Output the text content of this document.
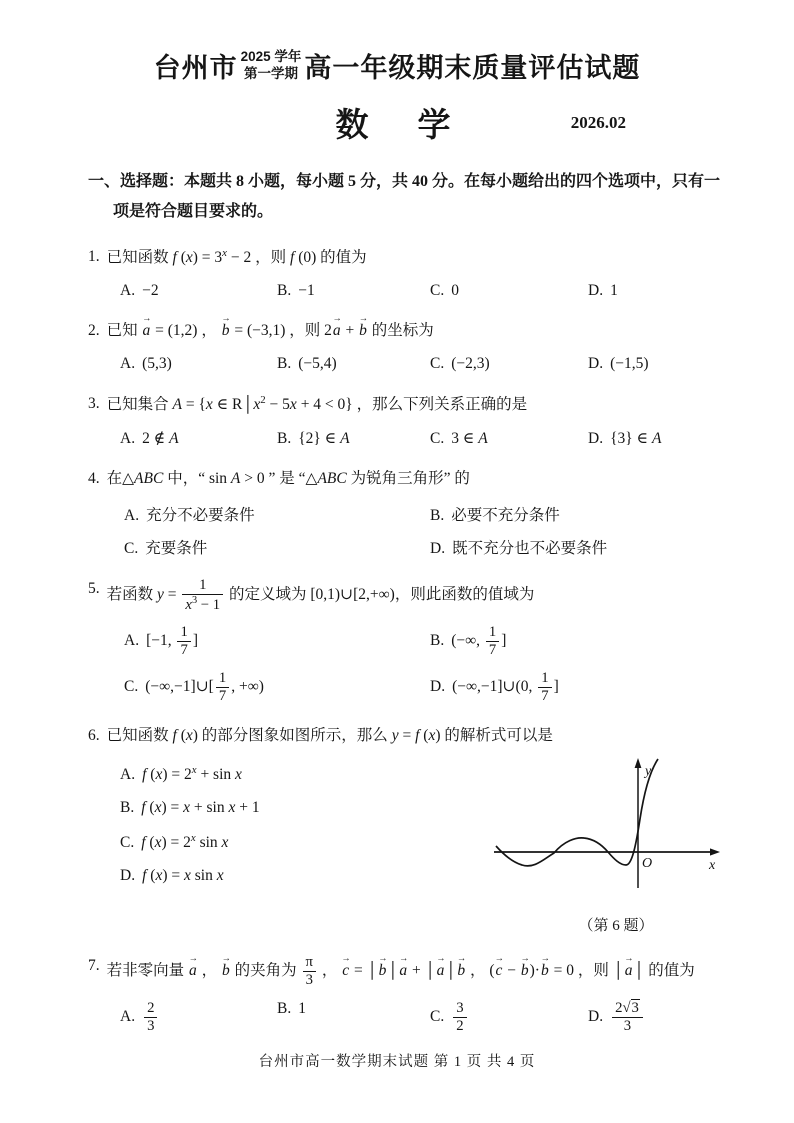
台州市 2025 学年
第一学期 高一年级期末质量评估试题
数　学	2026.02
一、选择题：本题共 8 小题，每小题 5 分，共 40 分。在每小题给出的四个选项中，只有一
项是符合题目要求的。
1. 已知函数 f $(x) = 3^x - 2$ ，则 f (0) 的值为
A. −2	B. −1	C. 0	D. 1
2. 已知
→
a = (1,2) ，
→
b = (−3,1) ，则 2
→
a +
→
b 的坐标为
A. (5,3)	B. (−5,4)	C. (−2,3)	D. (−1,5)
3. 已知集合 A = {x ∈ $R│x^2 - 5x + 4 < 0$} ，那么下列关系正确的是
A. 2 ∉ A	B. {2} ∈ A	C. 3 ∈ A	D. {3} ∈ A
4. 在△ABC 中，“ sin A > 0 ” 是 “△ABC 为锐角三角形” 的
A. 充分不必要条件	B. 必要不充分条件
C. 充要条件	D. 既不充分也不必要条件
5. 若函数 $y = \frac{1}{x^3 - 1}$ 的定义域为 [0,1)∪[2,+∞)，则此函数的值域为
A. [−1, $\frac{1}{7}$ ]	B. (−∞, $\frac{1}{7}$ ]
C. (−∞,−1]∪[ $\frac{1}{7}$ , +∞)	D. (−∞,−1]∪(0, $\frac{1}{7}$ ]
6. 已知函数 f (x) 的部分图象如图所示，那么 y = f (x) 的解析式可以是
A. f $(x) = 2^x + \sin x$
B. f (x) = x + sin x + 1
C. f $(x) = 2^x$ sin x
D. f (x) = x sin x
y
O	x
（第 6 题）
7. 若非零向量
→
a ，
→
b 的夹角为 $\frac{\pi}{3}$ ，
→
c = │
→
b│
→
a + │
→
a│
→
b ， (
→
c −
→
b)·
→
b = 0 ，则 │
→
a│ 的值为
A. $\frac{2}{3}$	B. 1	C. $\frac{3}{2}$	D. $\frac{2√3}{3}$
台州市高一数学期末试题 第 1 页 共 4 页
